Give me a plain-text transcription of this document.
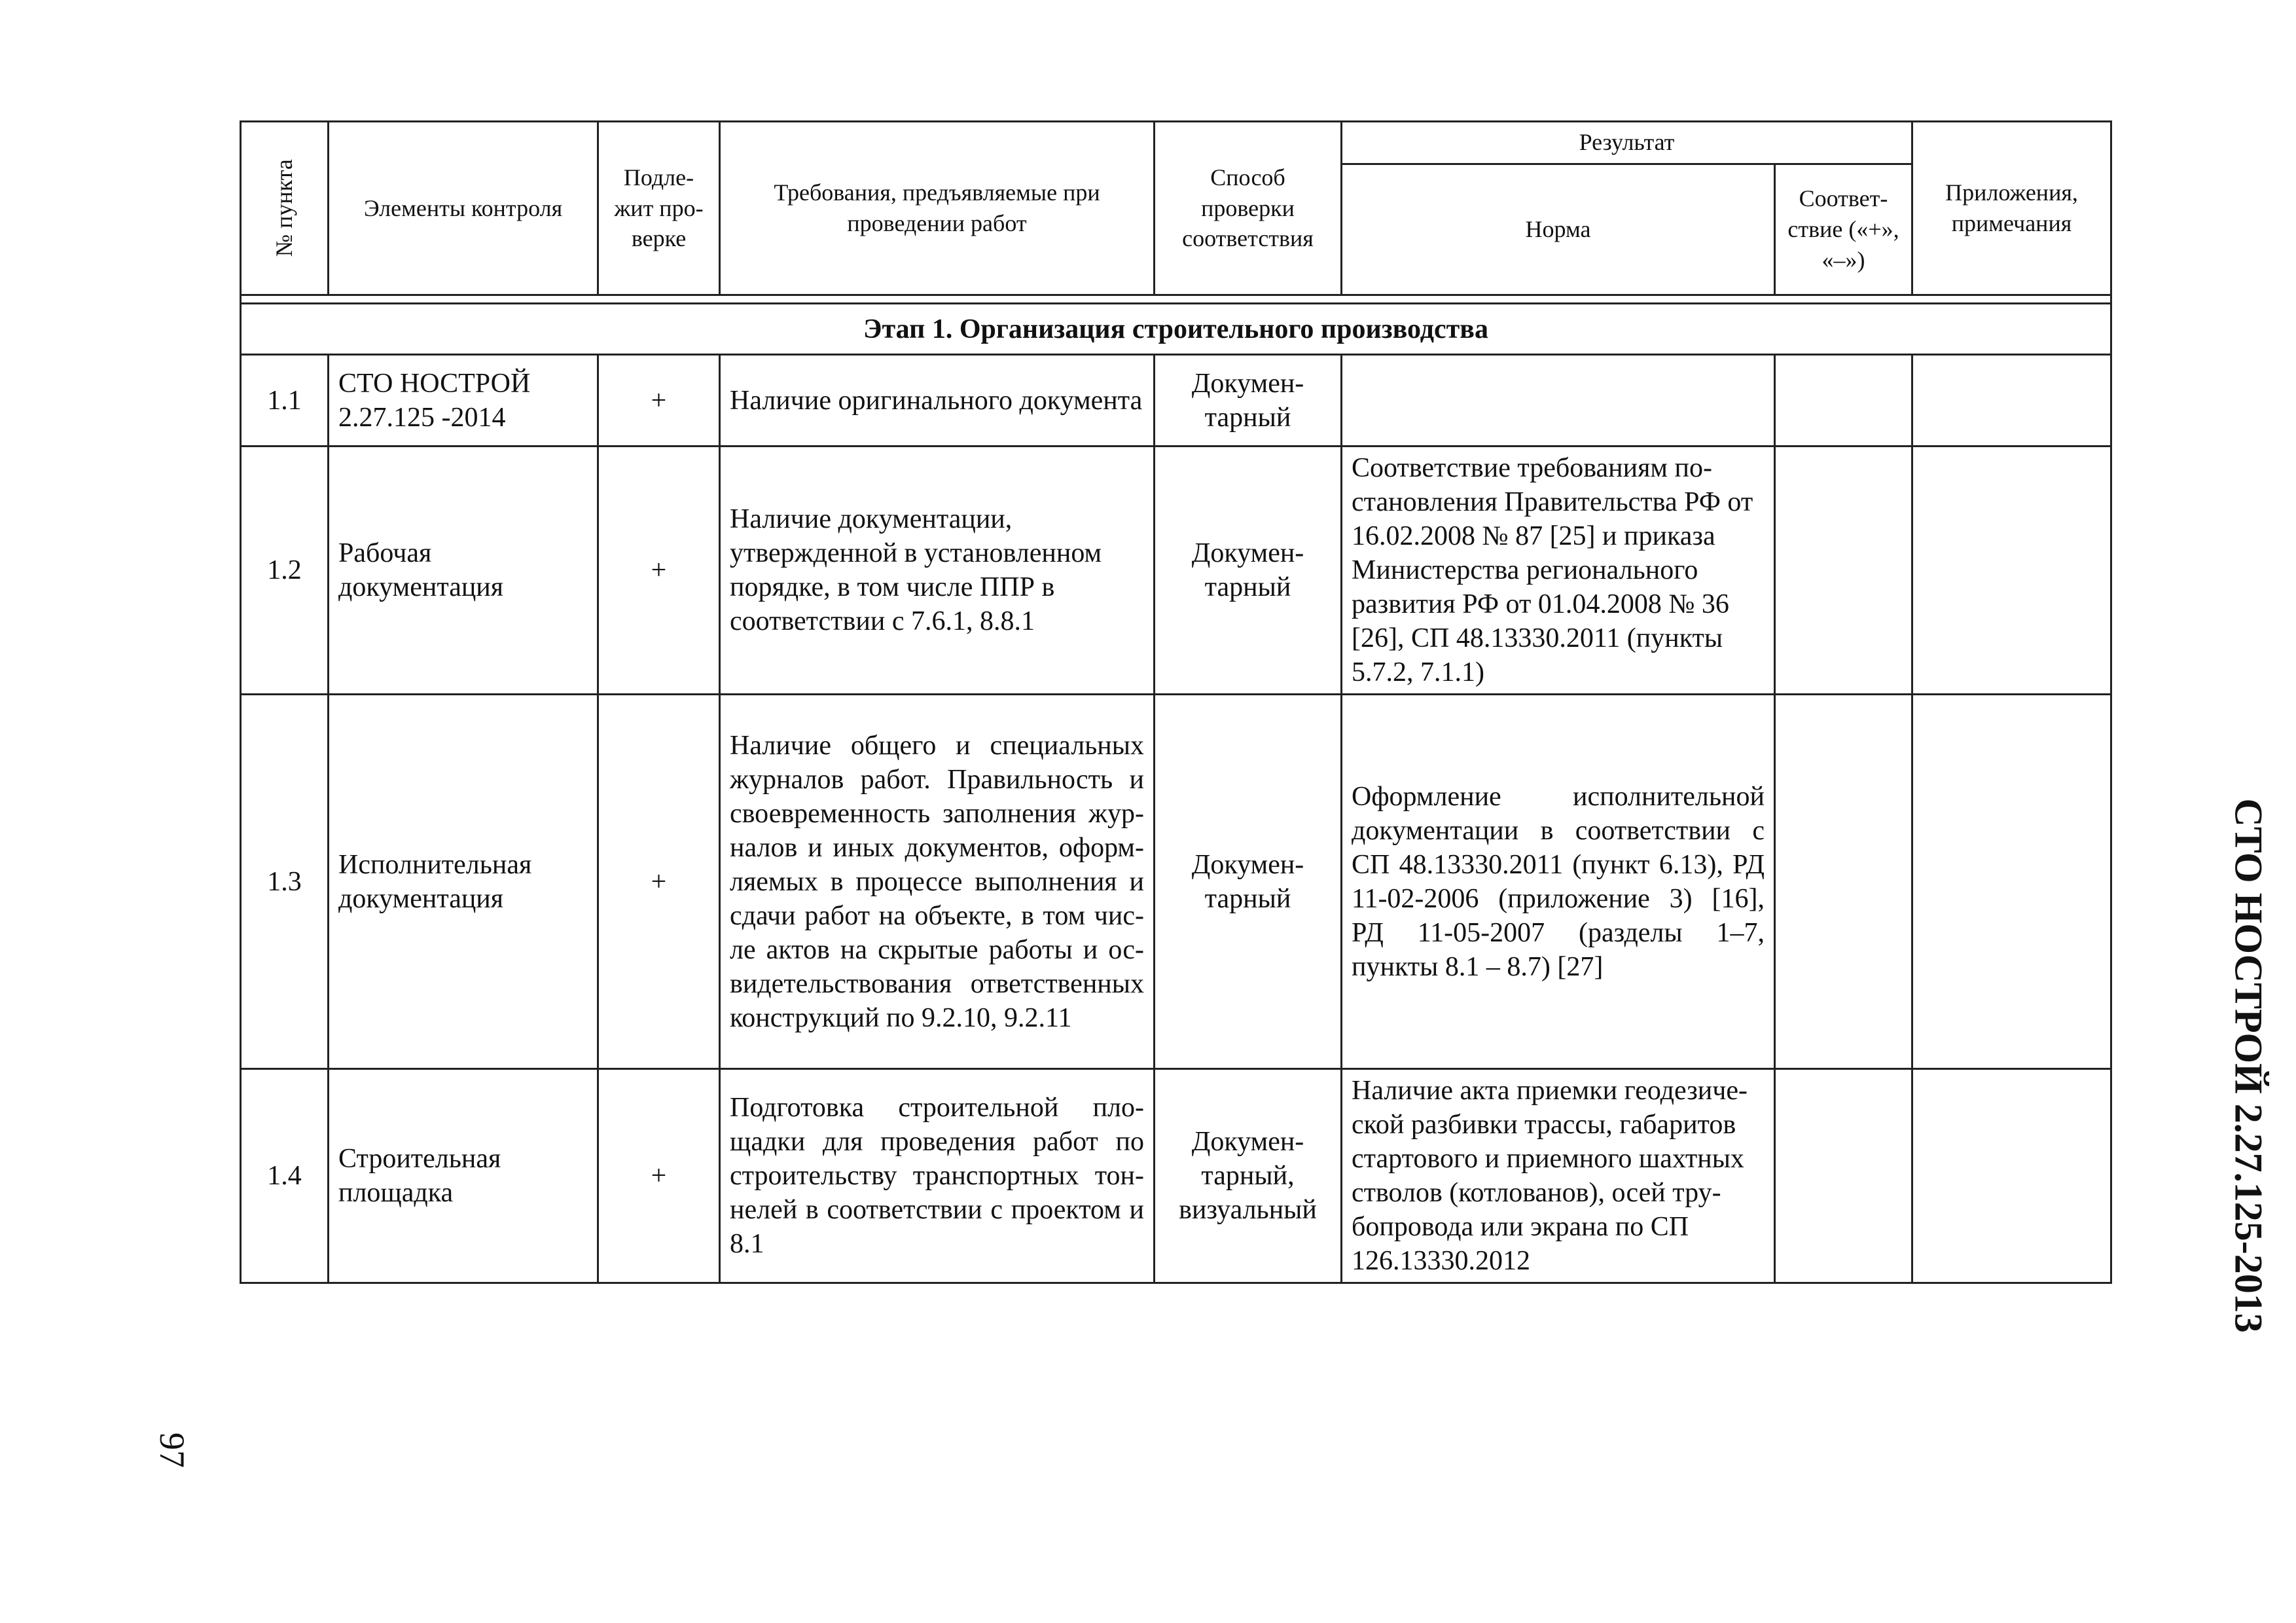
№ пункта	Элементы контроля	Подле-жит про-верке	Требования, предъявляемые при проведении работ	Способ проверки соответствия	Результат		Приложения, примечания
					Норма	Соответ-ствие («+», «–»)	

Этап 1. Организация строительного производства							
1.1	СТО НОСТРОЙ 2.27.125 -2014	+	Наличие оригинального документа	Докумен-тарный			
1.2	Рабочая документация	+	Наличие документации, утвержденной в установленном порядке, в том числе ППР в соответствии с 7.6.1, 8.8.1	Докумен-тарный	Соответствие требованиям по-становления Правительства РФ от 16.02.2008 № 87 [25] и приказа Министерства регионального развития РФ от 01.04.2008 № 36 [26], СП 48.13330.2011 (пункты 5.7.2, 7.1.1)		
1.3	Исполнительная документация	+	Наличие общего и специальных журналов работ. Правильность и своевременность заполнения жур-налов и иных документов, оформ-ляемых в процессе выполнения и сдачи работ на объекте, в том чис-ле актов на скрытые работы и ос-видетельствования ответственных конструкций по 9.2.10, 9.2.11	Докумен-тарный	Оформление исполнительной документации в соответствии с СП 48.13330.2011 (пункт 6.13), РД 11-02-2006 (приложение 3) [16], РД 11-05-2007 (разделы 1–7, пункты 8.1 – 8.7) [27]		
1.4	Строительная площадка	+	Подготовка строительной пло-щадки для проведения работ по строительству транспортных тон-нелей в соответствии с проектом и 8.1	Докумен-тарный, визуальный	Наличие акта приемки геодезиче-ской разбивки трассы, габаритов стартового и приемного шахтных стволов (котлованов), осей тру-бопровода или экрана по СП 126.13330.2012		
97
СТО НОСТРОЙ 2.27.125-2013
